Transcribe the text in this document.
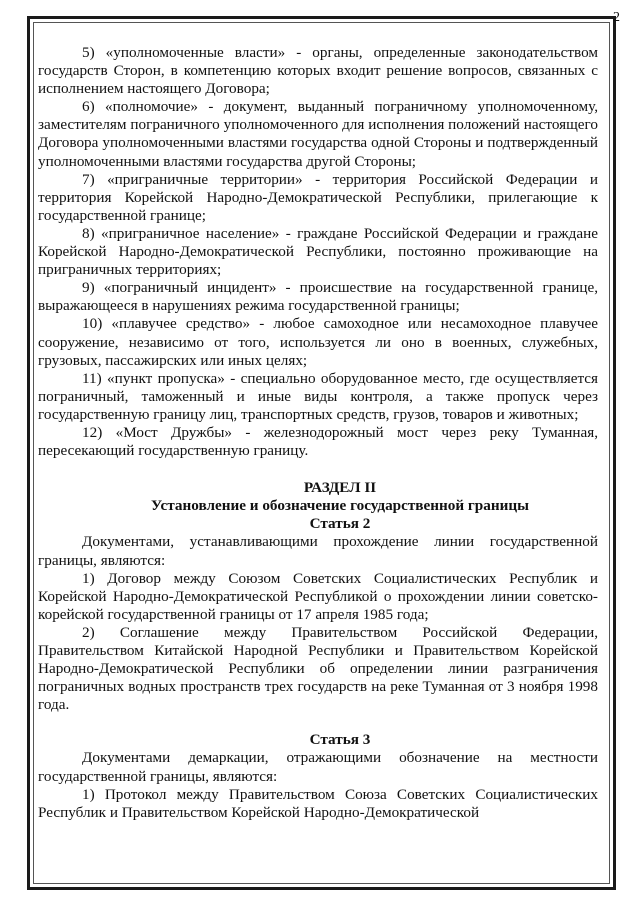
2

5) «уполномоченные власти» - органы, определенные законодательством государств Сторон, в компетенцию которых входит решение вопросов, связанных с исполнением настоящего Договора;

6) «полномочие» - документ, выданный пограничному уполномоченному, заместителям пограничного уполномоченного для исполнения положений настоящего Договора уполномоченными властями государства одной Стороны и подтвержденный уполномоченными властями государства другой Стороны;

7) «приграничные территории» - территория Российской Федерации и территория Корейской Народно-Демократической Республики, прилегающие к государственной границе;

8) «приграничное население» - граждане Российской Федерации и граждане Корейской Народно-Демократической Республики, постоянно проживающие на приграничных территориях;

9) «пограничный инцидент» - происшествие на государственной границе, выражающееся в нарушениях режима государственной границы;

10) «плавучее средство» - любое самоходное или несамоходное плавучее сооружение, независимо от того, используется ли оно в военных, служебных, грузовых, пассажирских или иных целях;

11) «пункт пропуска» - специально оборудованное место, где осуществляется пограничный, таможенный и иные виды контроля, а также пропуск через государственную границу лиц, транспортных средств, грузов, товаров и животных;

12) «Мост Дружбы» - железнодорожный мост через реку Туманная, пересекающий государственную границу.

РАЗДЕЛ II

Установление и обозначение государственной границы

Статья 2

Документами, устанавливающими прохождение линии государственной границы, являются:

1) Договор между Союзом Советских Социалистических Республик и Корейской Народно-Демократической Республикой о прохождении линии советско-корейской государственной границы от 17 апреля 1985 года;

2) Соглашение между Правительством Российской Федерации, Правительством Китайской Народной Республики и Правительством Корейской Народно-Демократической Республики об определении линии разграничения пограничных водных пространств трех государств на реке Туманная от 3 ноября 1998 года.

Статья 3

Документами демаркации, отражающими обозначение на местности государственной границы, являются:

1) Протокол между Правительством Союза Советских Социалистических Республик и Правительством Корейской Народно-Демократической
